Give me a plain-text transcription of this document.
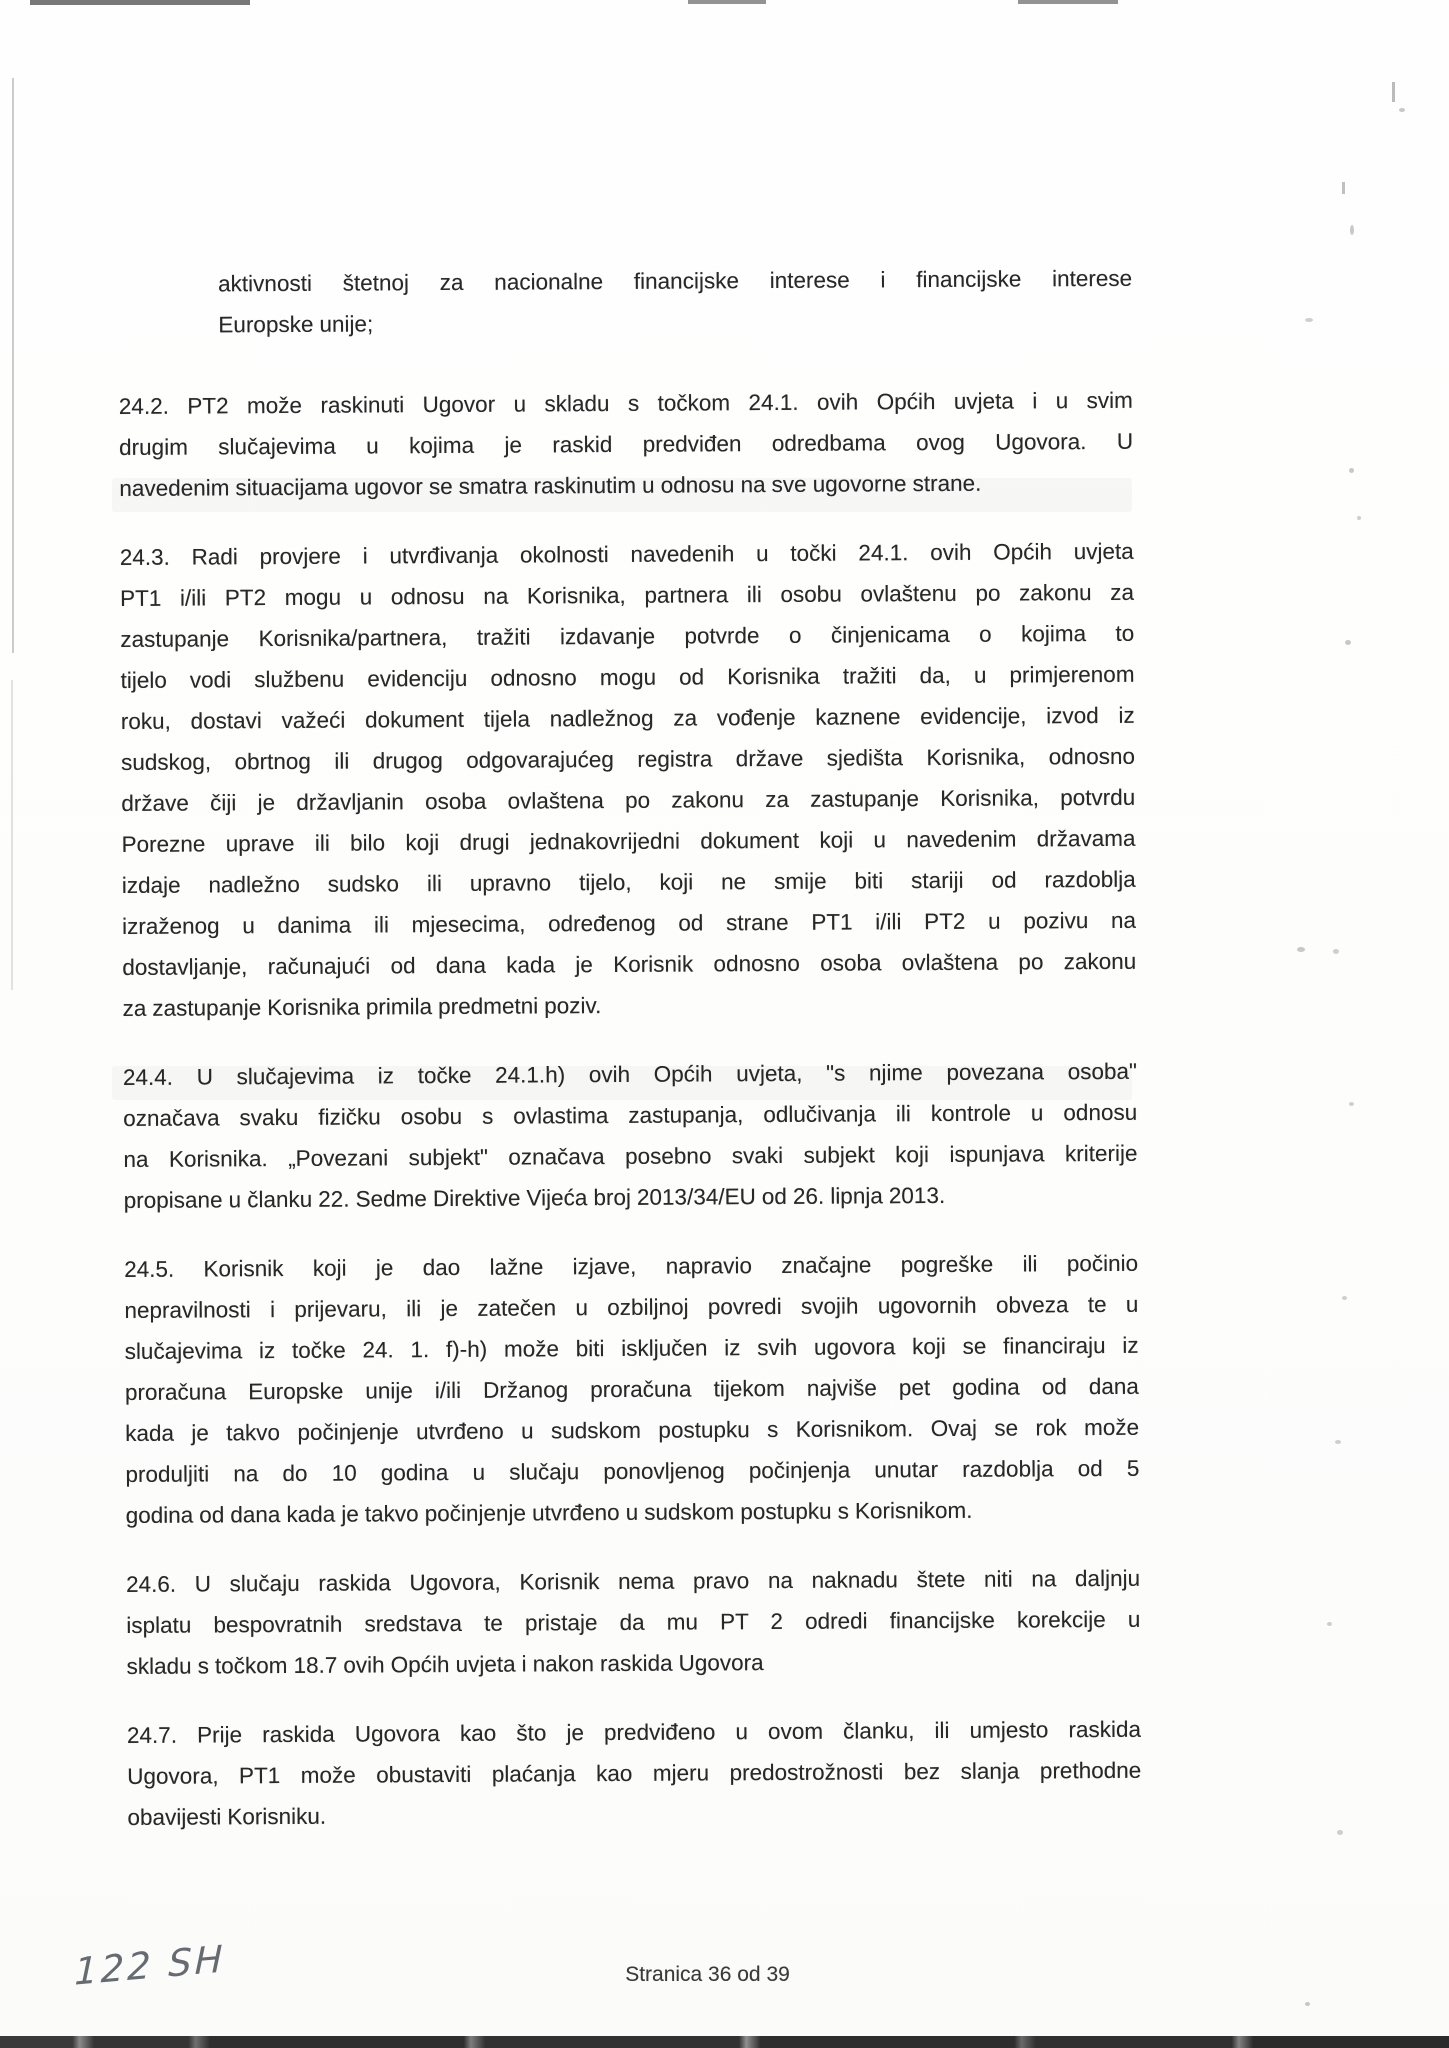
aktivnosti štetnoj za nacionalne financijske interese i financijske interese
Europske unije;
24.2. PT2 može raskinuti Ugovor u skladu s točkom 24.1. ovih Općih uvjeta i u svim
drugim slučajevima u kojima je raskid predviđen odredbama ovog Ugovora. U
navedenim situacijama ugovor se smatra raskinutim u odnosu na sve ugovorne strane.
24.3. Radi provjere i utvrđivanja okolnosti navedenih u točki 24.1. ovih Općih uvjeta
PT1 i/ili PT2 mogu u odnosu na Korisnika, partnera ili osobu ovlaštenu po zakonu za
zastupanje Korisnika/partnera, tražiti izdavanje potvrde o činjenicama o kojima to
tijelo vodi službenu evidenciju odnosno mogu od Korisnika tražiti da, u primjerenom
roku, dostavi važeći dokument tijela nadležnog za vođenje kaznene evidencije, izvod iz
sudskog, obrtnog ili drugog odgovarajućeg registra države sjedišta Korisnika, odnosno
države čiji je državljanin osoba ovlaštena po zakonu za zastupanje Korisnika, potvrdu
Porezne uprave ili bilo koji drugi jednakovrijedni dokument koji u navedenim državama
izdaje nadležno sudsko ili upravno tijelo, koji ne smije biti stariji od razdoblja
izraženog u danima ili mjesecima, određenog od strane PT1 i/ili PT2 u pozivu na
dostavljanje, računajući od dana kada je Korisnik odnosno osoba ovlaštena po zakonu
za zastupanje Korisnika primila predmetni poziv.
24.4. U slučajevima iz točke 24.1.h) ovih Općih uvjeta, "s njime povezana osoba"
označava svaku fizičku osobu s ovlastima zastupanja, odlučivanja ili kontrole u odnosu
na Korisnika. „Povezani subjekt" označava posebno svaki subjekt koji ispunjava kriterije
propisane u članku 22. Sedme Direktive Vijeća broj 2013/34/EU od 26. lipnja 2013.
24.5. Korisnik koji je dao lažne izjave, napravio značajne pogreške ili počinio
nepravilnosti i prijevaru, ili je zatečen u ozbiljnoj povredi svojih ugovornih obveza te u
slučajevima iz točke 24. 1. f)-h) može biti isključen iz svih ugovora koji se financiraju iz
proračuna Europske unije i/ili Držanog proračuna tijekom najviše pet godina od dana
kada je takvo počinjenje utvrđeno u sudskom postupku s Korisnikom. Ovaj se rok može
produljiti na do 10 godina u slučaju ponovljenog počinjenja unutar razdoblja od 5
godina od dana kada je takvo počinjenje utvrđeno u sudskom postupku s Korisnikom.
24.6. U slučaju raskida Ugovora, Korisnik nema pravo na naknadu štete niti na daljnju
isplatu bespovratnih sredstava te pristaje da mu PT 2 odredi financijske korekcije u
skladu s točkom 18.7 ovih Općih uvjeta i nakon raskida Ugovora
24.7. Prije raskida Ugovora kao što je predviđeno u ovom članku, ili umjesto raskida
Ugovora, PT1 može obustaviti plaćanja kao mjeru predostrožnosti bez slanja prethodne
obavijesti Korisniku.
Stranica 36 od 39
122 SH
